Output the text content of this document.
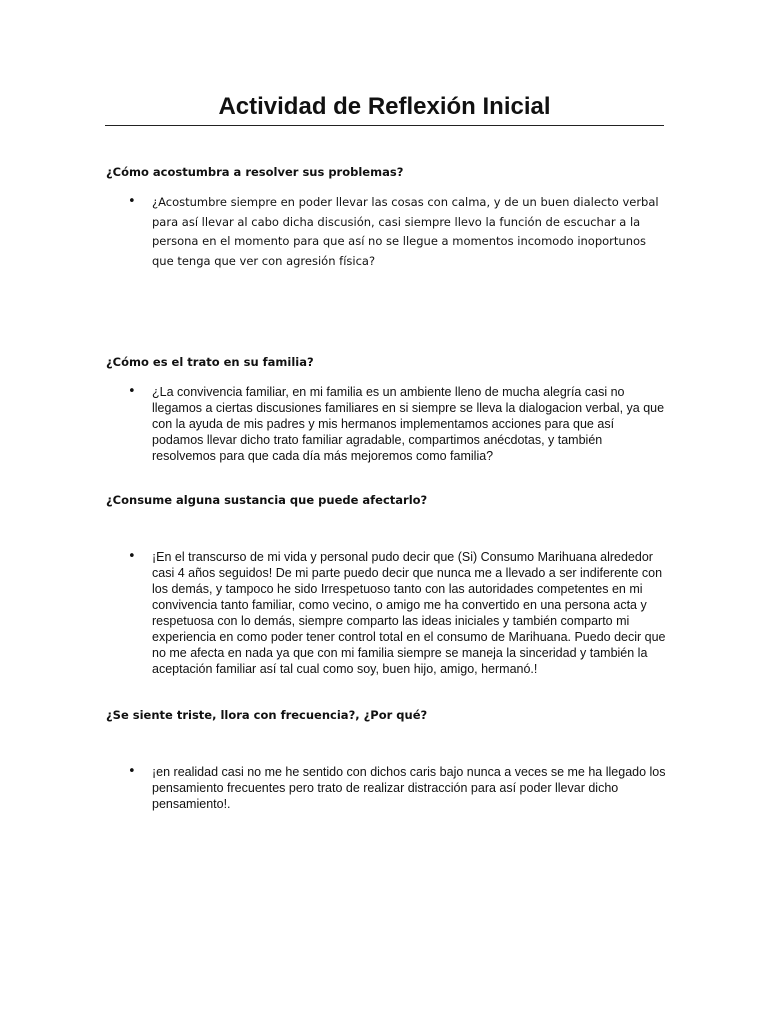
Actividad de Reflexión Inicial

¿Cómo acostumbra a resolver sus problemas?

• ¿Acostumbre siempre en poder llevar las cosas con calma, y de un buen dialecto verbal para así llevar al cabo dicha discusión, casi siempre llevo la función de escuchar a la persona en el momento para que así no se llegue a momentos incomodo inoportunos que tenga que ver con agresión física?

¿Cómo es el trato en su familia?

• ¿La convivencia familiar, en mi familia es un ambiente lleno de mucha alegría casi no llegamos a ciertas discusiones familiares en si siempre se lleva la dialogacion verbal, ya que con la ayuda de mis padres y mis hermanos implementamos acciones para que así podamos llevar dicho trato familiar agradable, compartimos anécdotas, y también resolvemos para que cada día más mejoremos como familia?

¿Consume alguna sustancia que puede afectarlo?

• ¡En el transcurso de mi vida y personal pudo decir que (Si) Consumo Marihuana alrededor casi 4 años seguidos! De mi parte puedo decir que nunca me a llevado a ser indiferente con los demás, y tampoco he sido Irrespetuoso tanto con las autoridades competentes en mi convivencia tanto familiar, como vecino, o amigo me ha convertido en una persona acta y respetuosa con lo demás, siempre comparto las ideas iniciales y también comparto mi experiencia en como poder tener control total en el consumo de Marihuana. Puedo decir que no me afecta en nada ya que con mi familia siempre se maneja la sinceridad y también la aceptación familiar así tal cual como soy, buen hijo, amigo, hermanó.!

¿Se siente triste, llora con frecuencia?, ¿Por qué?

• ¡en realidad casi no me he sentido con dichos caris bajo nunca a veces se me ha llegado los pensamiento frecuentes pero trato de realizar distracción para así poder llevar dicho pensamiento!.
